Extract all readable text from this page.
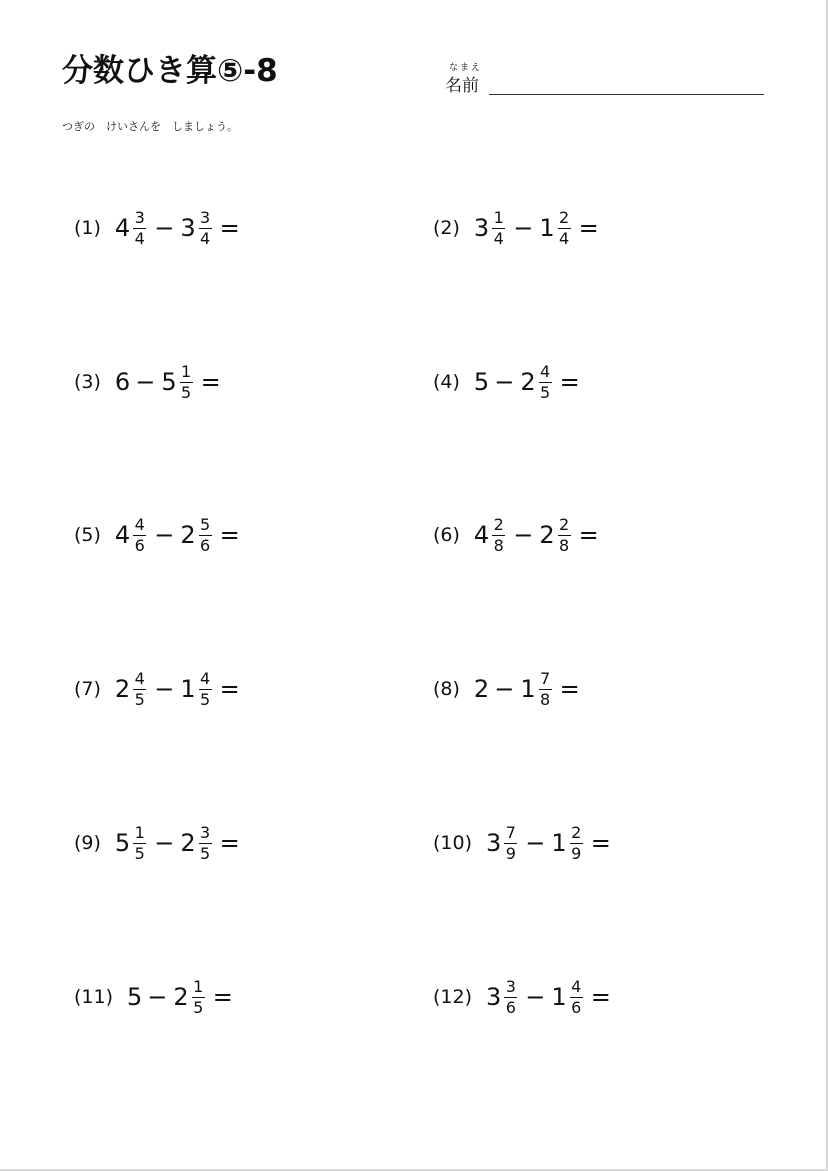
分数ひき算⑤-8	なまえ
名前
つぎの　けいさんを　しましょう。
(1) $4 \frac{3}{4} - 3 \frac{3}{4}$ =	(2) $3 \frac{1}{4} - 1 \frac{2}{4}$ =
(3) $6 - 5 \frac{1}{5}$ =	(4) $5 - 2 \frac{4}{5}$ =
(5) $4 \frac{4}{6} - 2 \frac{5}{6}$ =	(6) $4 \frac{2}{8} - 2 \frac{2}{8}$ =
(7) $2 \frac{4}{5} - 1 \frac{4}{5}$ =	(8) $2 - 1 \frac{7}{8}$ =
(9) $5 \frac{1}{5} - 2 \frac{3}{5}$ =	(10) $3 \frac{7}{9} - 1 \frac{2}{9}$ =
(11) $5 - 2 \frac{1}{5}$ =	(12) $3 \frac{3}{6} - 1 \frac{4}{6}$ =
